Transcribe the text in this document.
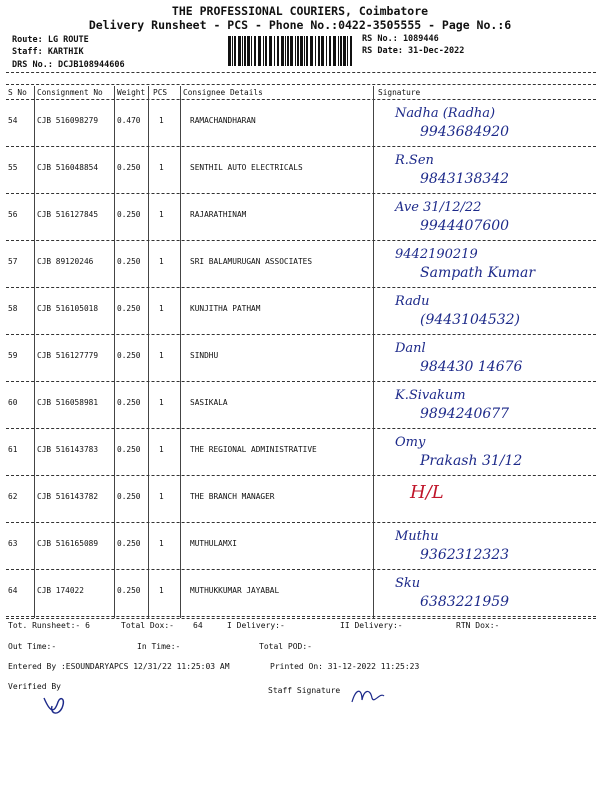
THE PROFESSIONAL COURIERS, Coimbatore
Delivery Runsheet - PCS - Phone No.:0422-3505555 - Page No.:6
Route: LG ROUTE
Staff: KARTHIK
DRS No.: DCJB108944606
RS No.: 1089446
RS Date: 31-Dec-2022
S No Consignment No Weight PCS Consignee Details	Signature
54	CJB 516098279 0.470 1	RAMACHANDHARAN	Nadha (Radha)
9943684920
55	CJB 516048854 0.250 1	SENTHIL AUTO ELECTRICALS	R.Sen
9843138342
56	CJB 516127845 0.250 1	RAJARATHINAM	Ave 31/12/22
9944407600
57	CJB 89120246	0.250 1	SRI BALAMURUGAN ASSOCIATES	9442190219
Sampath Kumar
58	CJB 516105018 0.250 1	KUNJITHA PATHAM	Radu
(9443104532)
59	CJB 516127779 0.250 1	SINDHU	Danl
984430 14676
60	CJB 516058981 0.250 1	SASIKALA	K.Sivakum
9894240677
61	CJB 516143783 0.250 1	THE REGIONAL ADMINISTRATIVE	Omy
Prakash 31/12
62	CJB 516143782 0.250 1	THE BRANCH MANAGER	H/L
63	CJB 516165089 0.250 1	MUTHULAMXI	Muthu
9362312323
64	CJB 174022	0.250 1	MUTHUKKUMAR JAYABAL	Sku
6383221959
Tot. Runsheet:- 6	Total Dox:- 64	I Delivery:-	II Delivery:-	RTN Dox:-
Out Time:-	In Time:-	Total POD:-
Entered By :ESOUNDARYAPCS 12/31/22 11:25:03 AM	Printed On: 31-12-2022 11:25:23
Verified By	Staff Signature
